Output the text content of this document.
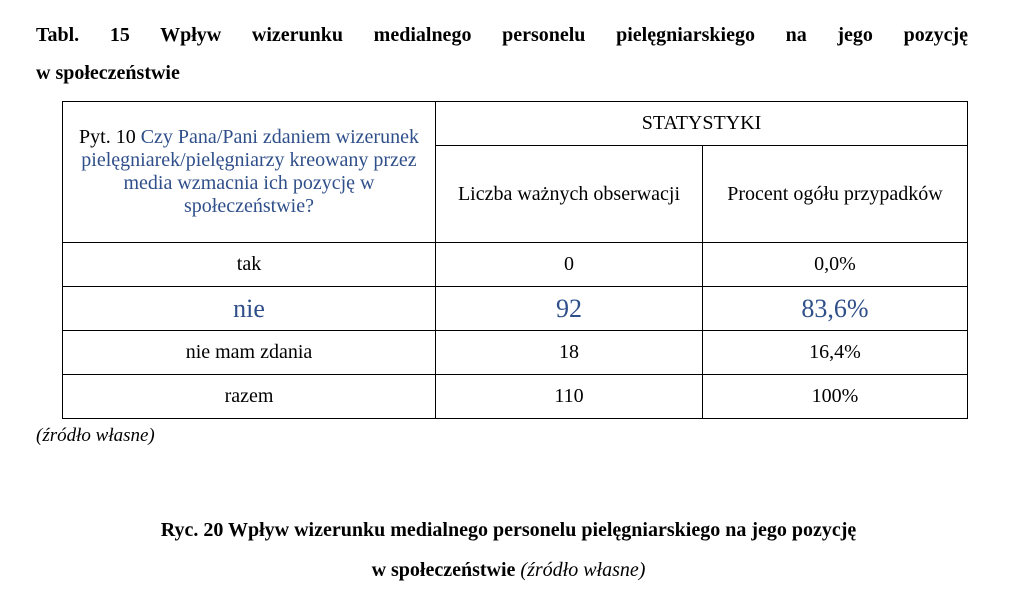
Tabl. 15 Wpływ wizerunku medialnego personelu pielęgniarskiego na jego pozycję
w społeczeństwie
Pyt. 10 Czy Pana/Pani zdaniem wizerunek pielęgniarek/pielęgniarzy kreowany przez media wzmacnia ich pozycję w społeczeństwie?	STATYSTYKI	
	Liczba ważnych obserwacji	Procent ogółu przypadków
tak	0	0,0%
nie	92	83,6%
nie mam zdania	18	16,4%
razem	110	100%
(źródło własne)
Ryc. 20 Wpływ wizerunku medialnego personelu pielęgniarskiego na jego pozycję
w społeczeństwie (źródło własne)
